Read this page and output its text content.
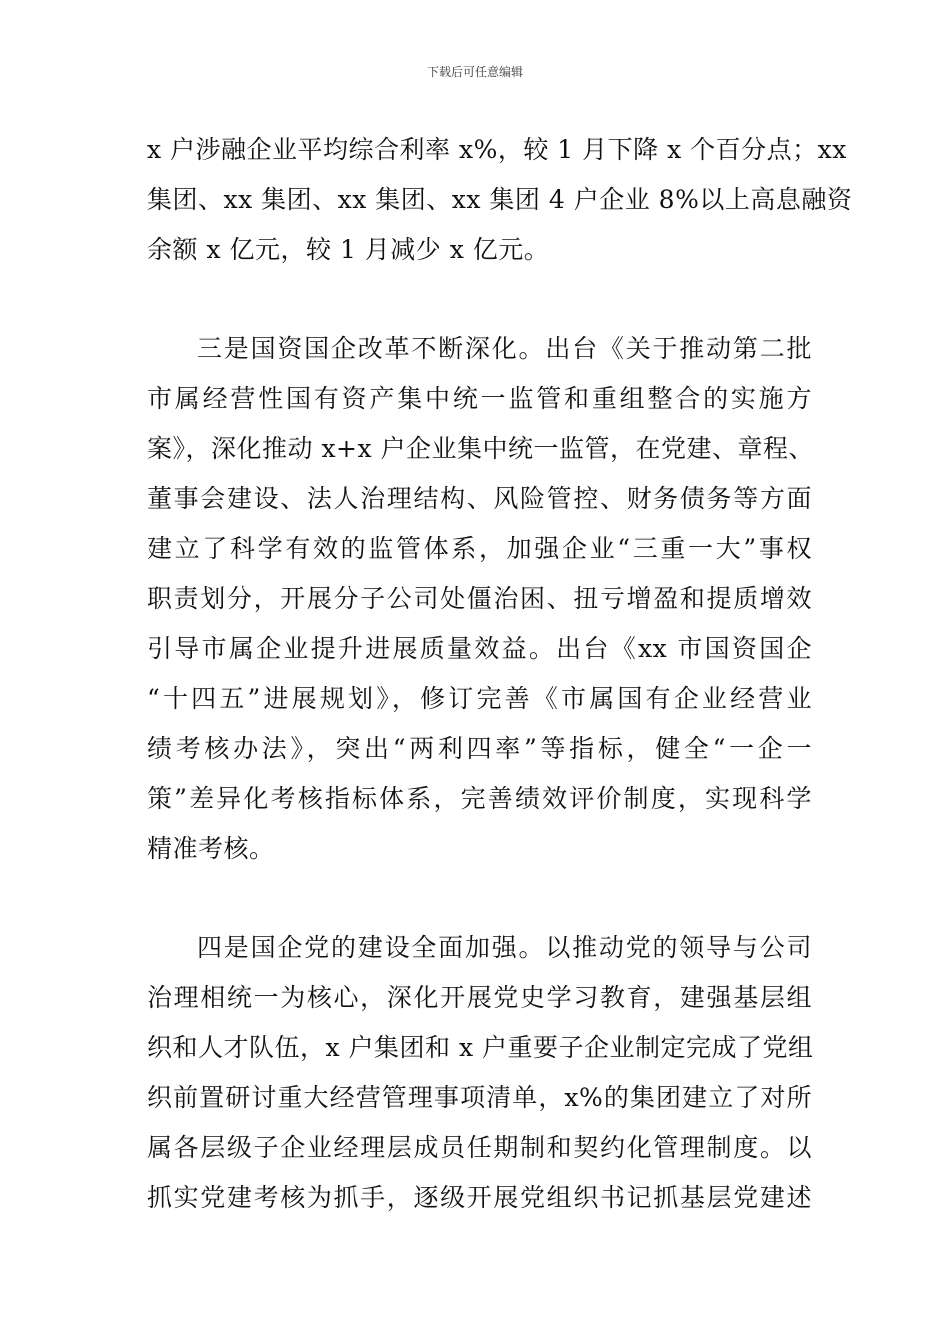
下载后可任意编辑
x 户涉融企业平均综合利率 x%，较 1 月下降 x 个百分点；xx
集团、xx 集团、xx 集团、xx 集团 4 户企业 8%以上高息融资
余额 x 亿元，较 1 月减少 x 亿元。
三是国资国企改革不断深化。出台《关于推动第二批
市属经营性国有资产集中统一监管和重组整合的实施方
案》，深化推动 x+x 户企业集中统一监管，在党建、章程、
董事会建设、法人治理结构、风险管控、财务债务等方面
建立了科学有效的监管体系，加强企业“三重一大”事权
职责划分，开展分子公司处僵治困、扭亏增盈和提质增效
引导市属企业提升进展质量效益。出台《xx 市国资国企
“十四五”进展规划》，修订完善《市属国有企业经营业
绩考核办法》，突出“两利四率”等指标，健全“一企一
策”差异化考核指标体系，完善绩效评价制度，实现科学
精准考核。
四是国企党的建设全面加强。以推动党的领导与公司
治理相统一为核心，深化开展党史学习教育，建强基层组
织和人才队伍，x 户集团和 x 户重要子企业制定完成了党组
织前置研讨重大经营管理事项清单，x%的集团建立了对所
属各层级子企业经理层成员任期制和契约化管理制度。以
抓实党建考核为抓手，逐级开展党组织书记抓基层党建述
